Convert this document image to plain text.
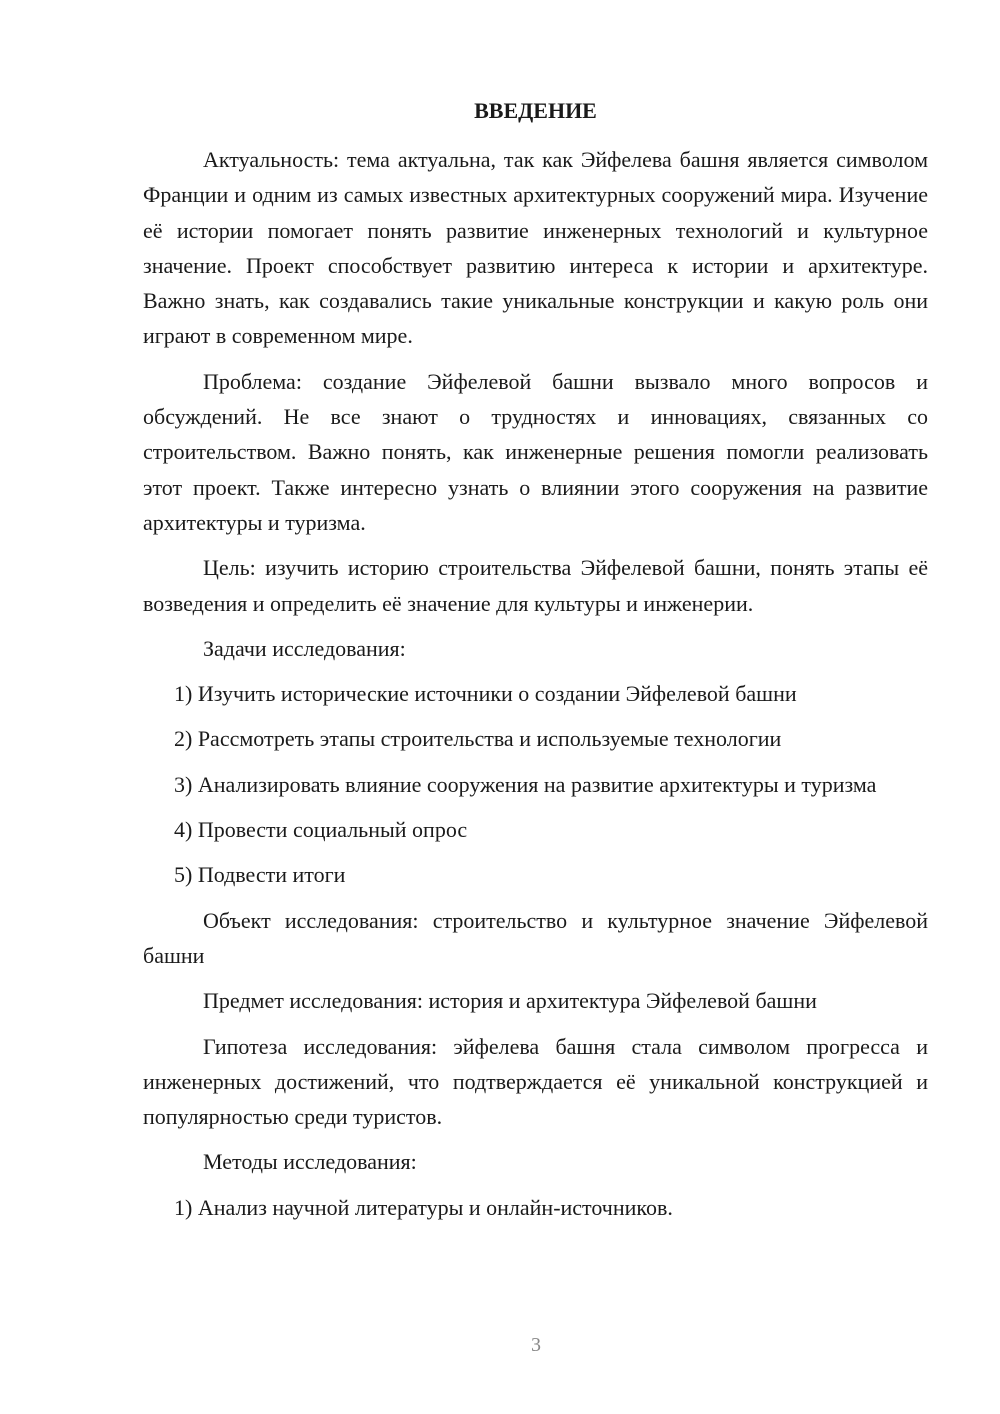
ВВЕДЕНИЕ

Актуальность: тема актуальна, так как Эйфелева башня является символом Франции и одним из самых известных архитектурных сооружений мира. Изучение её истории помогает понять развитие инженерных технологий и культурное значение. Проект способствует развитию интереса к истории и архитектуре. Важно знать, как создавались такие уникальные конструкции и какую роль они играют в современном мире.

Проблема: создание Эйфелевой башни вызвало много вопросов и обсуждений. Не все знают о трудностях и инновациях, связанных со строительством. Важно понять, как инженерные решения помогли реализовать этот проект. Также интересно узнать о влиянии этого сооружения на развитие архитектуры и туризма.

Цель: изучить историю строительства Эйфелевой башни, понять этапы её возведения и определить её значение для культуры и инженерии.

Задачи исследования:

1) Изучить исторические источники о создании Эйфелевой башни

2) Рассмотреть этапы строительства и используемые технологии

3) Анализировать влияние сооружения на развитие архитектуры и туризма

4) Провести социальный опрос

5) Подвести итоги

Объект исследования: строительство и культурное значение Эйфелевой башни

Предмет исследования: история и архитектура Эйфелевой башни

Гипотеза исследования: эйфелева башня стала символом прогресса и инженерных достижений, что подтверждается её уникальной конструкцией и популярностью среди туристов.

Методы исследования:

1) Анализ научной литературы и онлайн-источников.

3
